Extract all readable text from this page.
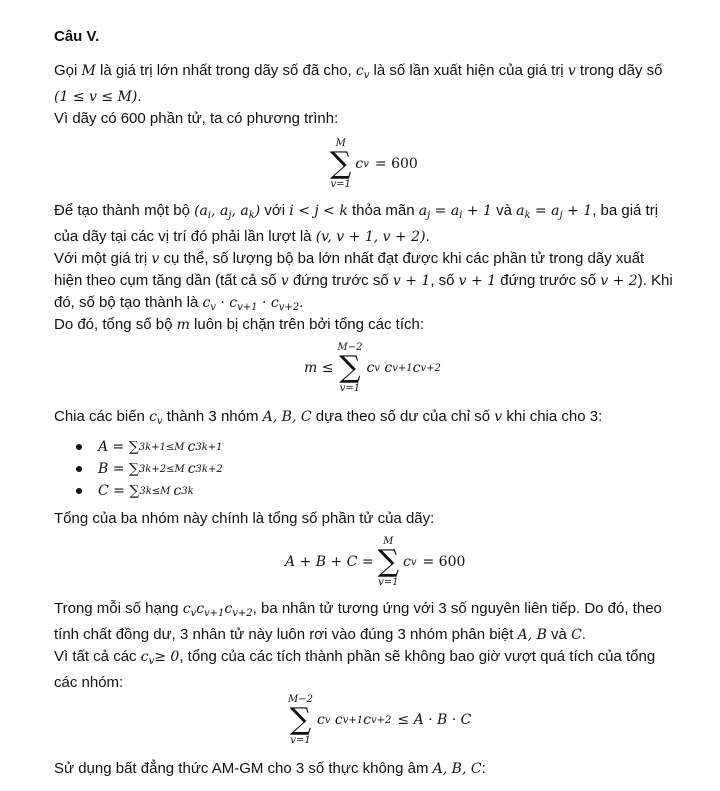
Câu V.
Gọi M là giá trị lớn nhất trong dãy số đã cho, $c_v$ là số lần xuất hiện của giá trị v trong dãy số
(1 ≤ v ≤ M).
Vì dãy có 600 phần tử, ta có phương trình:
M
∑
v=1
c v = 600
Để tạo thành một bộ ($a_i$, $a_j$, $a_k$) với i < j < k thỏa mãn $a_j = a_i + 1$ và $a_k = a_j + 1$, ba giá trị
của dãy tại các vị trí đó phải lần lượt là (v, v + 1, v + 2).
Với một giá trị v cụ thể, số lượng bộ ba lớn nhất đạt được khi các phần tử trong dãy xuất
hiện theo cụm tăng dần (tất cả số v đứng trước số v + 1, số v + 1 đứng trước số v + 2). Khi
đó, số bộ tạo thành là $c_v \cdot c_{v+1} \cdot c_{v+2}$.
Do đó, tổng số bộ m luôn bị chặn trên bởi tổng các tích:
m ≤
M−2
∑
v=1
c v c v+1 c v+2
Chia các biến $c_v$ thành 3 nhóm A, B, C dựa theo số dư của chỉ số v khi chia cho 3:
A = ∑ 3k+1≤M c 3k+1
B = ∑ 3k+2≤M c 3k+2
C = ∑ 3k≤M c 3k
Tổng của ba nhóm này chính là tổng số phần tử của dãy:
A + B + C =
M
∑
v=1
c v = 600
Trong mỗi số hạng $c_vc_{v+1}c_{v+2}$, ba nhân tử tương ứng với 3 số nguyên liên tiếp. Do đó, theo
tính chất đồng dư, 3 nhân tử này luôn rơi vào đúng 3 nhóm phân biệt A, B và C.
Vì tất cả các $c_v\ge 0$, tổng của các tích thành phần sẽ không bao giờ vượt quá tích của tổng
các nhóm:
M−2
∑
v=1
c v c v+1 c v+2 ≤ A · B · C
Sử dụng bất đẳng thức AM-GM cho 3 số thực không âm A, B, C:
